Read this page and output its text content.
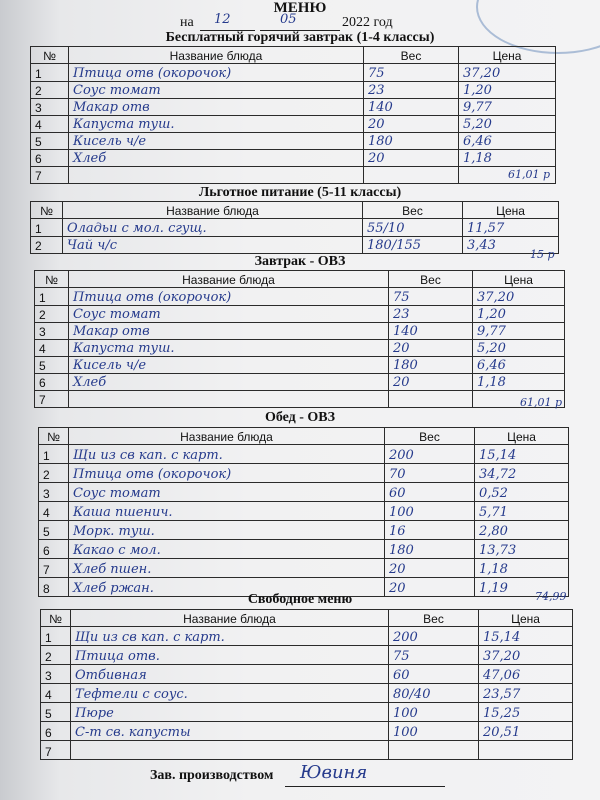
МЕНЮ
на 12	05	2022 год
Бесплатный горячий завтрак (1-4 классы)
№	Название блюда	Вес	Цена
1	Птица отв (окорочок)	75	37,20
2	Соус томат	23	1,20
3	Макар отв	140	9,77
4	Капуста туш.	20	5,20
5	Кисель ч/е	180	6,46
6	Хлеб	20	1,18
7				61,01 р
Льготное питание (5-11 классы)
№	Название блюда	Вес	Цена
1	Оладьи с мол. сгущ.	55/10	11,57
2	Чай ч/с	180/155	3,43
15 р
Завтрак - ОВЗ
№	Название блюда	Вес	Цена
1	Птица отв (окорочок)	75	37,20
2	Соус томат	23	1,20
3	Макар отв	140	9,77
4	Капуста туш.	20	5,20
5	Кисель ч/е	180	6,46
6	Хлеб	20	1,18
7				61,01 р
Обед - ОВЗ
№	Название блюда	Вес	Цена
1	Щи из св кап. с карт.	200	15,14
2	Птица отв (окорочок)	70	34,72
3	Соус томат	60	0,52
4	Каша пшенич.	100	5,71
5	Морк. туш.	16	2,80
6	Какао с мол.	180	13,73
7	Хлеб пшен.	20	1,18
8	Хлеб ржан.	20	1,19
74,99
Свободное меню
№	Название блюда	Вес	Цена
1	Щи из св кап. с карт.	200	15,14
2	Птица отв.	75	37,20
3	Отбивная	60	47,06
4	Тефтели с соус.	80/40	23,57
5	Пюре	100	15,25
6	С-т св. капусты	100	20,51
7			
Зав. производством Ювиня
